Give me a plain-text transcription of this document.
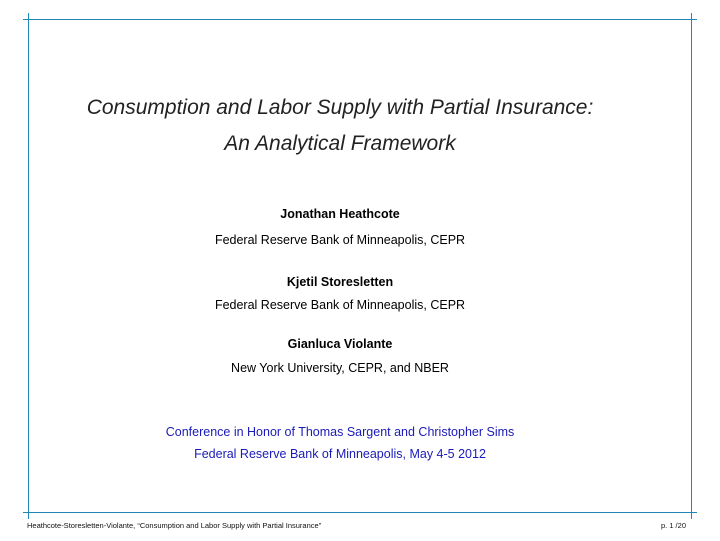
Consumption and Labor Supply with Partial Insurance:
An Analytical Framework
Jonathan Heathcote
Federal Reserve Bank of Minneapolis, CEPR
Kjetil Storesletten
Federal Reserve Bank of Minneapolis, CEPR
Gianluca Violante
New York University, CEPR, and NBER
Conference in Honor of Thomas Sargent and Christopher Sims
Federal Reserve Bank of Minneapolis, May 4-5 2012
Heathcote-Storesletten-Violante, “Consumption and Labor Supply with Partial Insurance”	p. 1 /20
